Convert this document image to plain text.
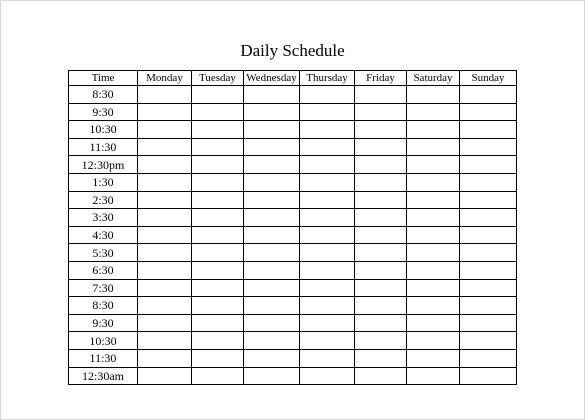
Daily Schedule
Time	Monday	Tuesday	Wednesday	Thursday	Friday	Saturday	Sunday
8:30							
9:30							
10:30							
11:30							
12:30pm							
1:30							
2:30							
3:30							
4:30							
5:30							
6:30							
7:30							
8:30							
9:30							
10:30							
11:30							
12:30am							
